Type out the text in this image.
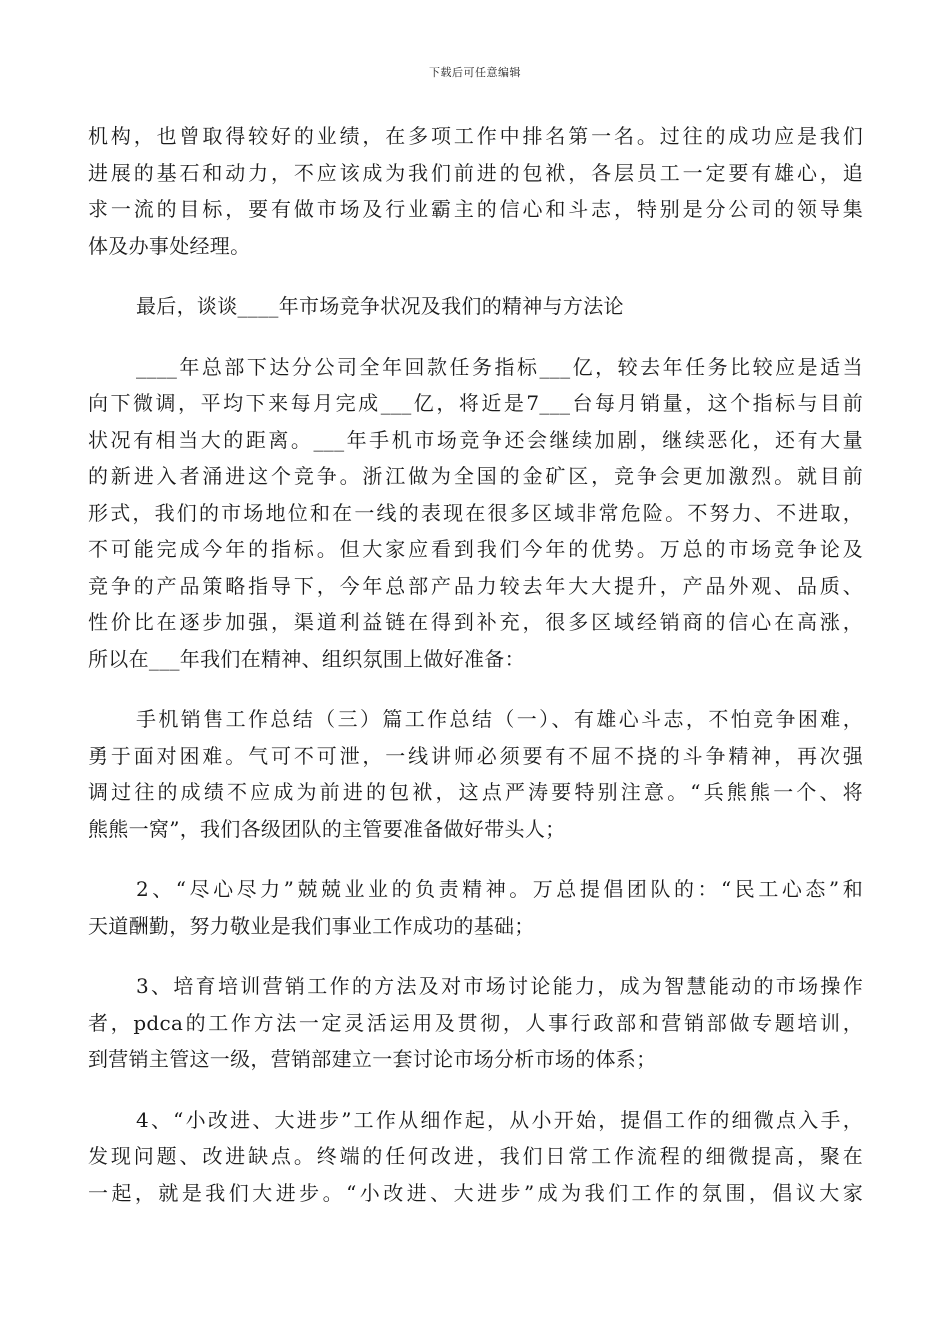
下载后可任意编辑
机构，也曾取得较好的业绩，在多项工作中排名第一名。过往的成功应是我们
进展的基石和动力，不应该成为我们前进的包袱，各层员工一定要有雄心，追
求一流的目标，要有做市场及行业霸主的信心和斗志，特别是分公司的领导集
体及办事处经理。
最后，谈谈____年市场竞争状况及我们的精神与方法论
____年总部下达分公司全年回款任务指标___亿，较去年任务比较应是适当
向下微调，平均下来每月完成___亿，将近是7___台每月销量，这个指标与目前
状况有相当大的距离。___年手机市场竞争还会继续加剧，继续恶化，还有大量
的新进入者涌进这个竞争。浙江做为全国的金矿区，竞争会更加激烈。就目前
形式，我们的市场地位和在一线的表现在很多区域非常危险。不努力、不进取，
不可能完成今年的指标。但大家应看到我们今年的优势。万总的市场竞争论及
竞争的产品策略指导下，今年总部产品力较去年大大提升，产品外观、品质、
性价比在逐步加强，渠道利益链在得到补充，很多区域经销商的信心在高涨，
所以在___年我们在精神、组织氛围上做好准备：
手机销售工作总结（三）篇工作总结（一）、有雄心斗志，不怕竞争困难，
勇于面对困难。气可不可泄，一线讲师必须要有不屈不挠的斗争精神，再次强
调过往的成绩不应成为前进的包袱，这点严涛要特别注意。“兵熊熊一个、将
熊熊一窝”，我们各级团队的主管要准备做好带头人；
2、“尽心尽力”兢兢业业的负责精神。万总提倡团队的：“民工心态”和
天道酬勤，努力敬业是我们事业工作成功的基础；
3、培育培训营销工作的方法及对市场讨论能力，成为智慧能动的市场操作
者，pdca的工作方法一定灵活运用及贯彻，人事行政部和营销部做专题培训，
到营销主管这一级，营销部建立一套讨论市场分析市场的体系；
4、“小改进、大进步”工作从细作起，从小开始，提倡工作的细微点入手，
发现问题、改进缺点。终端的任何改进，我们日常工作流程的细微提高，聚在
一起，就是我们大进步。“小改进、大进步”成为我们工作的氛围，倡议大家
